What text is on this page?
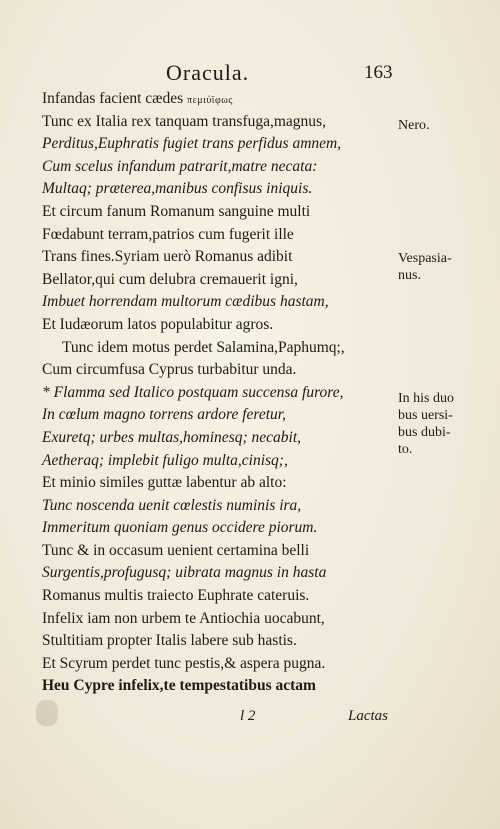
Oracula.	163
Infandas facient cædes πεμιύϊφως
Tunc ex Italia rex tanquam transfuga,magnus,
Perditus,Euphratis fugiet trans perfidus amnem,
Cum scelus infandum patrarit,matre necata:
Multaq; præterea,manibus confisus iniquis.
Et circum fanum Romanum sanguine multi
Fœdabunt terram,patrios cum fugerit ille
Trans fines.Syriam uerò Romanus adibit
Bellator,qui cum delubra cremauerit igni,
Imbuet horrendam multorum cædibus hastam,
Et Iudæorum latos populabitur agros.
Tunc idem motus perdet Salamina,Paphumq;,
Cum circumfusa Cyprus turbabitur unda.
* Flamma sed Italico postquam succensa furore,
In cœlum magno torrens ardore feretur,
Exuretq; urbes multas,hominesq; necabit,
Aetheraq; implebit fuligo multa,cinisq;,
Et minio similes guttæ labentur ab alto:
Tunc noscenda uenit cœlestis numinis ira,
Immeritum quoniam genus occidere piorum.
Tunc & in occasum uenient certamina belli
Surgentis,profugusq; uibrata magnus in hasta
Romanus multis traiecto Euphrate cateruis.
Infelix iam non urbem te Antiochia uocabunt,
Stultitiam propter Italis labere sub hastis.
Et Scyrum perdet tunc pestis,& aspera pugna.
Heu Cypre infelix,te tempestatibus actam
Nero.
Vespasia-
nus.
In his duo
bus uersi-
bus dubi-
to.
l 2	Lactas
